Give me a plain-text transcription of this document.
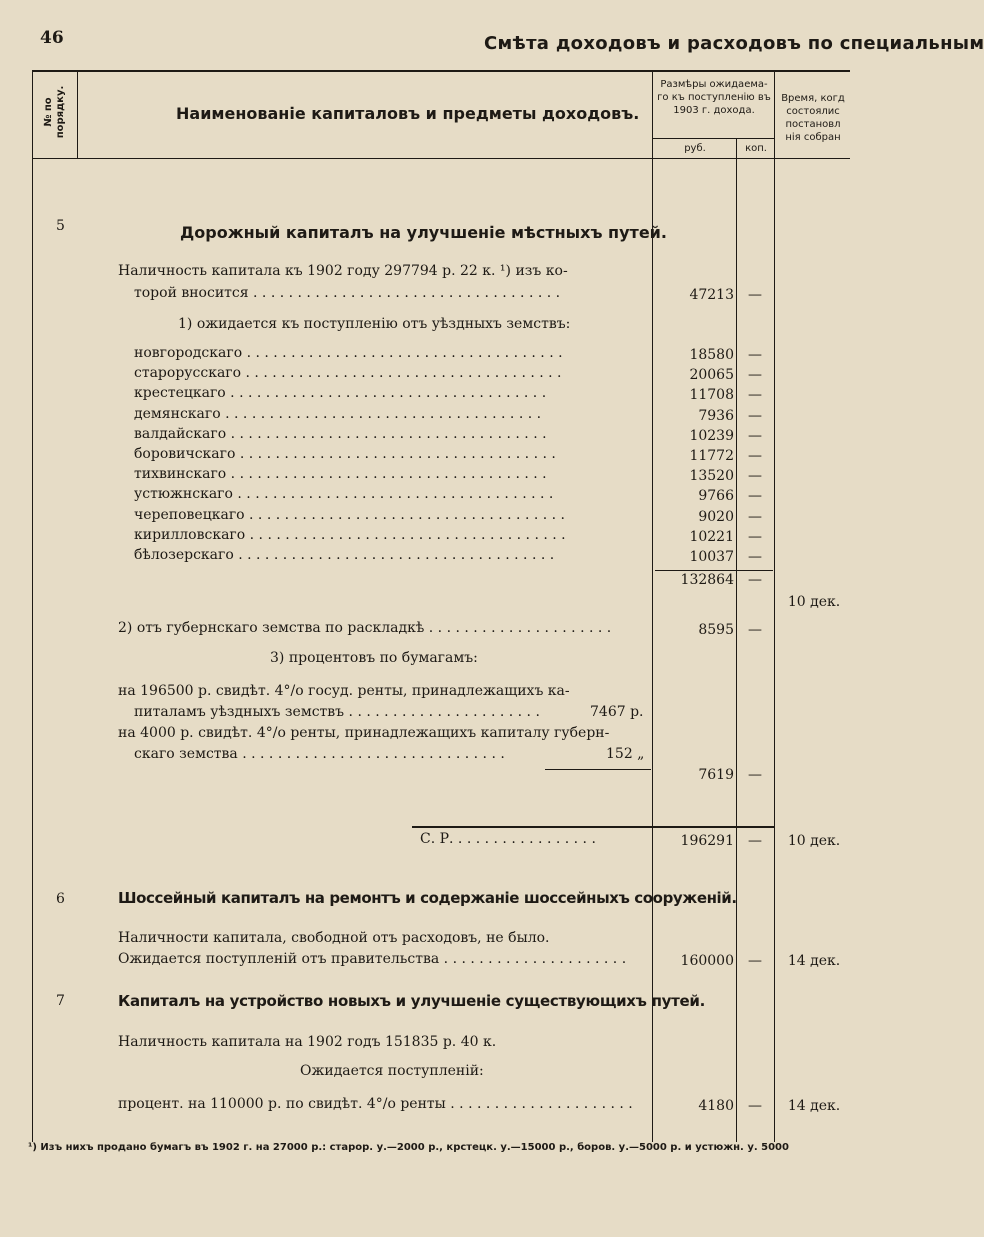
46	Смѣта доходовъ и расходовъ по специальным
№ по порядку.	Наименованіе капиталовъ и предметы доходовъ.
Размѣры ожидаема-го къ поступленію въ 1903 г. дохода.
руб.	коп.
Время, когд состоялис постановл нія собран
5	Дорожный капиталъ на улучшеніе мѣстныхъ путей.
Наличность капитала къ 1902 году 297794 р. 22 к. ¹) изъ ко-
торой вносится . . . . . . . . . . . . . . . . . . . . . . . . . . . . . . . . . . .	47213	—
1) ожидается къ поступленію отъ уѣздныхъ земствъ:
новгородскаго . . . . . . . . . . . . . . . . . . . . . . . . . . . . . . . . . . . .	18580	—
старорусскаго . . . . . . . . . . . . . . . . . . . . . . . . . . . . . . . . . . . .	20065	—
крестецкаго . . . . . . . . . . . . . . . . . . . . . . . . . . . . . . . . . . . .	11708	—
демянскаго . . . . . . . . . . . . . . . . . . . . . . . . . . . . . . . . . . . .	7936	—
валдайскаго . . . . . . . . . . . . . . . . . . . . . . . . . . . . . . . . . . . .	10239	—
боровичскаго . . . . . . . . . . . . . . . . . . . . . . . . . . . . . . . . . . . .	11772	—
тихвинскаго . . . . . . . . . . . . . . . . . . . . . . . . . . . . . . . . . . . .	13520	—
устюжнскаго . . . . . . . . . . . . . . . . . . . . . . . . . . . . . . . . . . . .	9766	—
череповецкаго . . . . . . . . . . . . . . . . . . . . . . . . . . . . . . . . . . . .	9020	—
кирилловскаго . . . . . . . . . . . . . . . . . . . . . . . . . . . . . . . . . . . .	10221	—
бѣлозерскаго . . . . . . . . . . . . . . . . . . . . . . . . . . . . . . . . . . . .	10037	—
132864	—
10 дек.
2) отъ губернскаго земства по раскладкѣ . . . . . . . . . . . . . . . . . . . . .	8595	—
3) процентовъ по бумагамъ:
на 196500 р. свидѣт. 4°/о госуд. ренты, принадлежащихъ ка-
питаламъ уѣздныхъ земствъ . . . . . . . . . . . . . . . . . . . . . .	7467 р.
на 4000 р. свидѣт. 4°/о ренты, принадлежащихъ капиталу губерн-
скаго земства . . . . . . . . . . . . . . . . . . . . . . . . . . . . . .	152 „
7619	—
С. Р. . . . . . . . . . . . . . . . .	196291	—	10 дек.
6	Шоссейный капиталъ на ремонтъ и содержаніе шоссейныхъ сооруженій.
Наличности капитала, свободной отъ расходовъ, не было.
Ожидается поступленій отъ правительства . . . . . . . . . . . . . . . . . . . . .	160000	—	14 дек.
7	Капиталъ на устройство новыхъ и улучшеніе существующихъ путей.
Наличность капитала на 1902 годъ 151835 р. 40 к.
Ожидается поступленій:
процент. на 110000 р. по свидѣт. 4°/о ренты . . . . . . . . . . . . . . . . . . . . .	4180	—	14 дек.
¹) Изъ нихъ продано бумагъ въ 1902 г. на 27000 р.: старор. у.—2000 р., крстецк. у.—15000 р., боров. у.—5000 р. и устюжн. у. 5000
